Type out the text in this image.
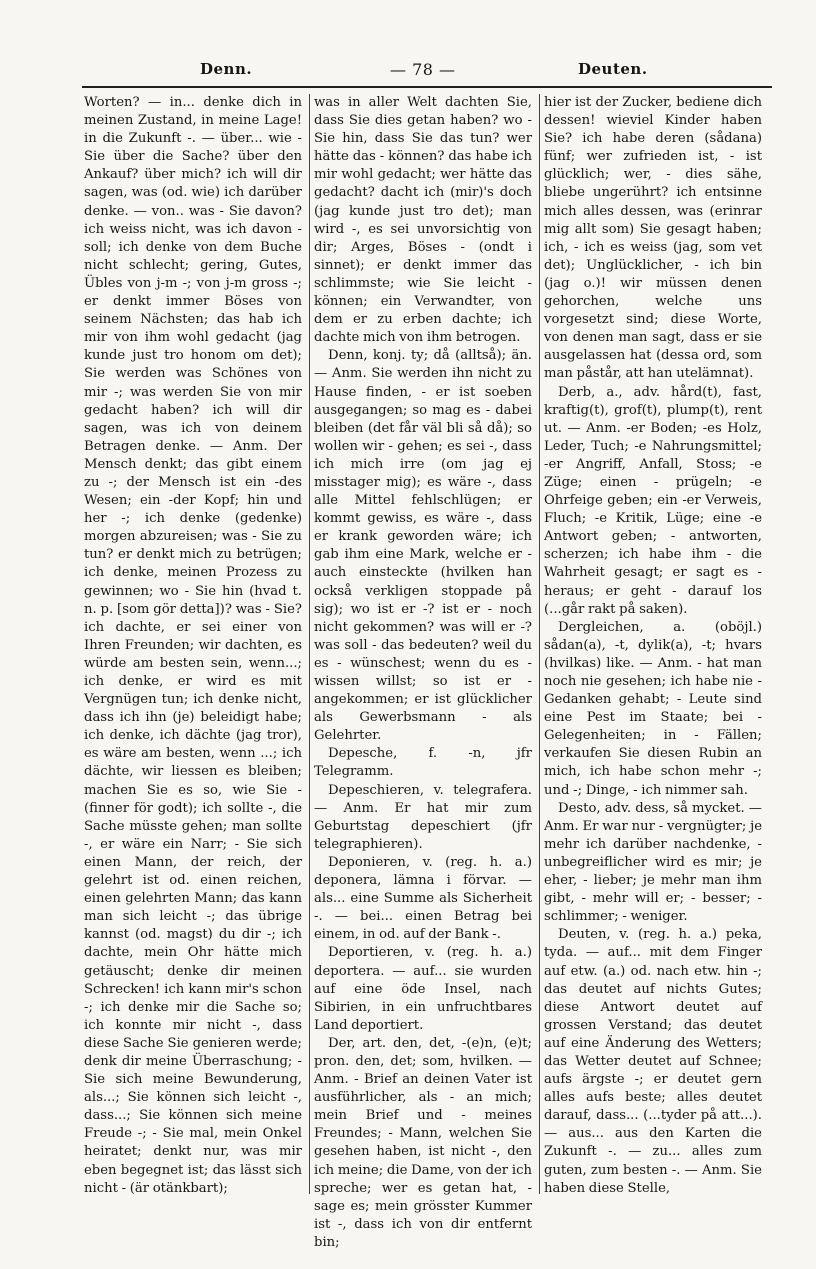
Denn.	— 78 —	Deuten.

Worten? — in... denke dich in meinen Zustand, in meine Lage! in die Zukunft -. — über... wie - Sie über die Sache? über den Ankauf? über mich? ich will dir sagen, was (od. wie) ich darüber denke. — von.. was - Sie davon? ich weiss nicht, was ich davon - soll; ich denke von dem Buche nicht schlecht; gering, Gutes, Übles von j-m -; von j-m gross -; er denkt immer Böses von seinem Nächsten; das hab ich mir von ihm wohl gedacht (jag kunde just tro honom om det); Sie werden was Schönes von mir -; was werden Sie von mir gedacht haben? ich will dir sagen, was ich von deinem Betragen denke. — Anm. Der Mensch denkt; das gibt einem zu -; der Mensch ist ein -des Wesen; ein -der Kopf; hin und her -; ich denke (gedenke) morgen abzureisen; was - Sie zu tun? er denkt mich zu betrügen; ich denke, meinen Prozess zu gewinnen; wo - Sie hin (hvad t. n. p. [som gör detta])? was - Sie? ich dachte, er sei einer von Ihren Freunden; wir dachten, es würde am besten sein, wenn...; ich denke, er wird es mit Vergnügen tun; ich denke nicht, dass ich ihn (je) beleidigt habe; ich denke, ich dächte (jag tror), es wäre am besten, wenn ...; ich dächte, wir liessen es bleiben; machen Sie es so, wie Sie - (finner för godt); ich sollte -, die Sache müsste gehen; man sollte -, er wäre ein Narr; - Sie sich einen Mann, der reich, der gelehrt ist od. einen reichen, einen gelehrten Mann; das kann man sich leicht -; das übrige kannst (od. magst) du dir -; ich dachte, mein Ohr hätte mich getäuscht; denke dir meinen Schrecken! ich kann mir's schon -; ich denke mir die Sache so; ich konnte mir nicht -, dass diese Sache Sie genieren werde; denk dir meine Überraschung; - Sie sich meine Bewunderung, als...; Sie können sich leicht -, dass...; Sie können sich meine Freude -; - Sie mal, mein Onkel heiratet; denkt nur, was mir eben begegnet ist; das lässt sich nicht - (är otänkbart);

was in aller Welt dachten Sie, dass Sie dies getan haben? wo - Sie hin, dass Sie das tun? wer hätte das - können? das habe ich mir wohl gedacht; wer hätte das gedacht? dacht ich (mir)'s doch (jag kunde just tro det); man wird -, es sei unvorsichtig von dir; Arges, Böses - (ondt i sinnet); er denkt immer das schlimmste; wie Sie leicht - können; ein Verwandter, von dem er zu erben dachte; ich dachte mich von ihm betrogen.

Denn, konj. ty; då (alltså); än. — Anm. Sie werden ihn nicht zu Hause finden, - er ist soeben ausgegangen; so mag es - dabei bleiben (det får väl bli så då); so wollen wir - gehen; es sei -, dass ich mich irre (om jag ej misstager mig); es wäre -, dass alle Mittel fehlschlügen; er kommt gewiss, es wäre -, dass er krank geworden wäre; ich gab ihm eine Mark, welche er - auch einsteckte (hvilken han också verkligen stoppade på sig); wo ist er -? ist er - noch nicht gekommen? was will er -? was soll - das bedeuten? weil du es - wünschest; wenn du es - wissen willst; so ist er - angekommen; er ist glücklicher als Gewerbsmann - als Gelehrter.

Depesche, f. -n, jfr Telegramm.

Depeschieren, v. telegrafera. — Anm. Er hat mir zum Geburtstag depeschiert (jfr telegraphieren).

Deponieren, v. (reg. h. a.) deponera, lämna i förvar. — als... eine Summe als Sicherheit -. — bei... einen Betrag bei einem, in od. auf der Bank -.

Deportieren, v. (reg. h. a.) deportera. — auf... sie wurden auf eine öde Insel, nach Sibirien, in ein unfruchtbares Land deportiert.

Der, art. den, det, -(e)n, (e)t; pron. den, det; som, hvilken. — Anm. - Brief an deinen Vater ist ausführlicher, als - an mich; mein Brief und - meines Freundes; - Mann, welchen Sie gesehen haben, ist nicht -, den ich meine; die Dame, von der ich spreche; wer es getan hat, - sage es; mein grösster Kummer ist -, dass ich von dir entfernt bin;

hier ist der Zucker, bediene dich dessen! wieviel Kinder haben Sie? ich habe deren (sådana) fünf; wer zufrieden ist, - ist glücklich; wer, - dies sähe, bliebe ungerührt? ich entsinne mich alles dessen, was (erinrar mig allt som) Sie gesagt haben; ich, - ich es weiss (jag, som vet det); Unglücklicher, - ich bin (jag o.)! wir müssen denen gehorchen, welche uns vorgesetzt sind; diese Worte, von denen man sagt, dass er sie ausgelassen hat (dessa ord, som man påstår, att han utelämnat).

Derb, a., adv. hård(t), fast, kraftig(t), grof(t), plump(t), rent ut. — Anm. -er Boden; -es Holz, Leder, Tuch; -e Nahrungsmittel; -er Angriff, Anfall, Stoss; -e Züge; einen - prügeln; -e Ohrfeige geben; ein -er Verweis, Fluch; -e Kritik, Lüge; eine -e Antwort geben; - antworten, scherzen; ich habe ihm - die Wahrheit gesagt; er sagt es - heraus; er geht - darauf los (...går rakt på saken).

Dergleichen, a. (oböjl.) sådan(a), -t, dylik(a), -t; hvars (hvilkas) like. — Anm. - hat man noch nie gesehen; ich habe nie - Gedanken gehabt; - Leute sind eine Pest im Staate; bei - Gelegenheiten; in - Fällen; verkaufen Sie diesen Rubin an mich, ich habe schon mehr -; und -; Dinge, - ich nimmer sah.

Desto, adv. dess, så mycket. — Anm. Er war nur - vergnügter; je mehr ich darüber nachdenke, - unbegreiflicher wird es mir; je eher, - lieber; je mehr man ihm gibt, - mehr will er; - besser; - schlimmer; - weniger.

Deuten, v. (reg. h. a.) peka, tyda. — auf... mit dem Finger auf etw. (a.) od. nach etw. hin -; das deutet auf nichts Gutes; diese Antwort deutet auf grossen Verstand; das deutet auf eine Änderung des Wetters; das Wetter deutet auf Schnee; aufs ärgste -; er deutet gern alles aufs beste; alles deutet darauf, dass... (...tyder på att...). — aus... aus den Karten die Zukunft -. — zu... alles zum guten, zum besten -. — Anm. Sie haben diese Stelle,
